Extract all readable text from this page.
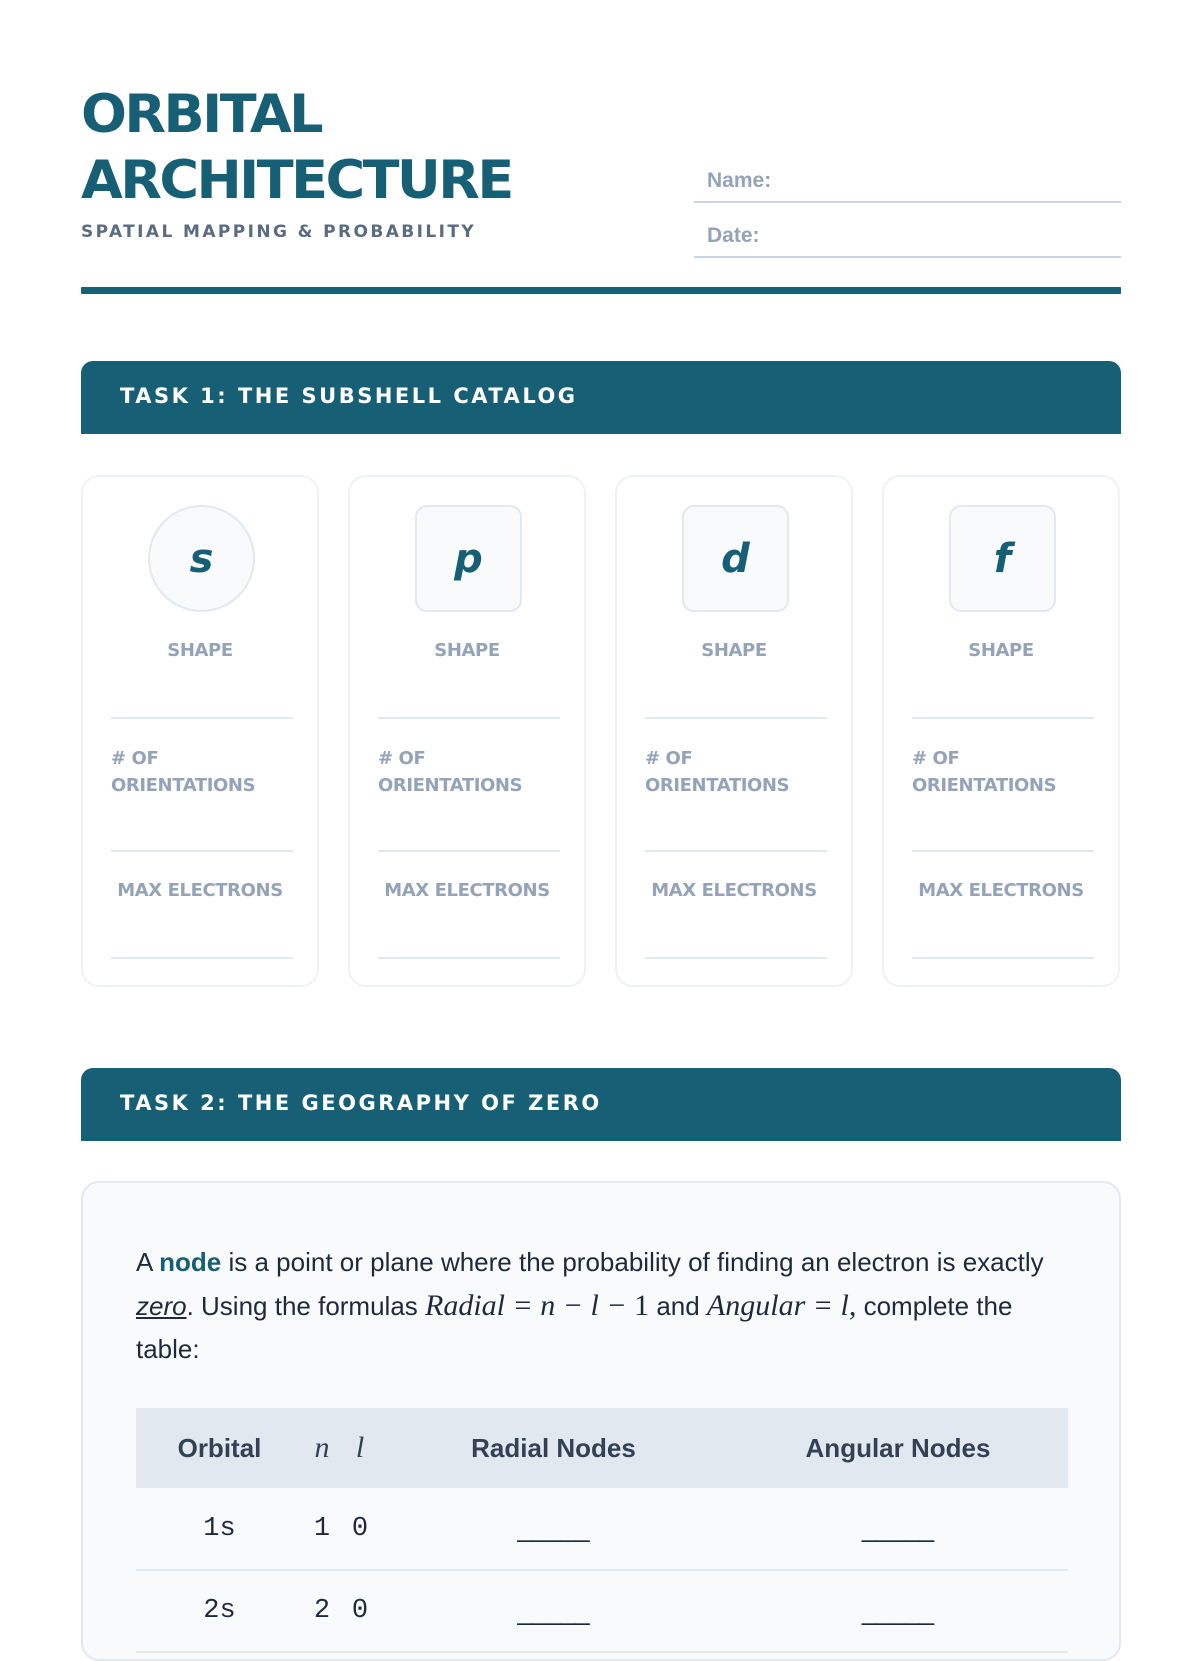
ORBITAL
ARCHITECTURE
SPATIAL MAPPING & PROBABILITY
Name:
Date:
TASK 1: THE SUBSHELL CATALOG
s
SHAPE
# OF
ORIENTATIONS
MAX ELECTRONS
p
SHAPE
# OF
ORIENTATIONS
MAX ELECTRONS
d
SHAPE
# OF
ORIENTATIONS
MAX ELECTRONS
f
SHAPE
# OF
ORIENTATIONS
MAX ELECTRONS
TASK 2: THE GEOGRAPHY OF ZERO
A node is a point or plane where the probability of finding an electron is exactly zero. Using the formulas Radial = n − l − 1 and Angular = l, complete the table:
Orbital	n	l	Radial Nodes	Angular Nodes
1s	1	0	_____	_____
2s	2	0	_____	_____
